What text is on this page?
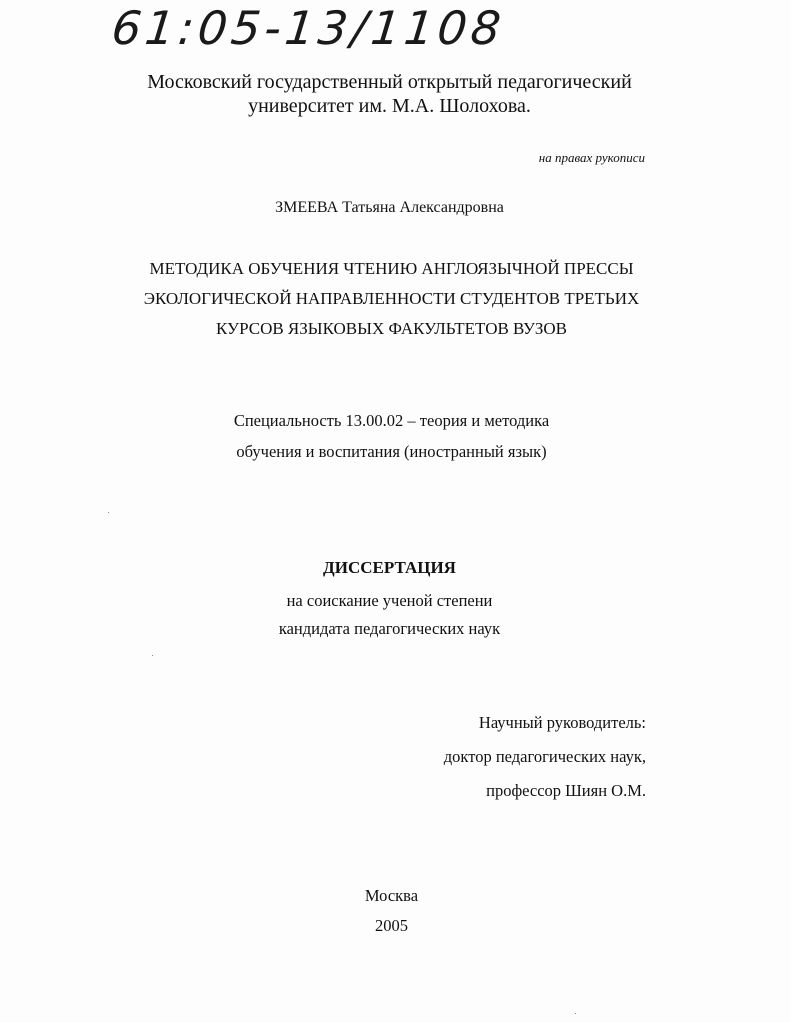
61:05-13/1108
Московский государственный открытый педагогический
университет им. М.А. Шолохова.
на правах рукописи
ЗМЕЕВА Татьяна Александровна
МЕТОДИКА ОБУЧЕНИЯ ЧТЕНИЮ АНГЛОЯЗЫЧНОЙ ПРЕССЫ
ЭКОЛОГИЧЕСКОЙ НАПРАВЛЕННОСТИ СТУДЕНТОВ ТРЕТЬИХ
КУРСОВ ЯЗЫКОВЫХ ФАКУЛЬТЕТОВ ВУЗОВ
Специальность 13.00.02 – теория и методика
обучения и воспитания (иностранный язык)
ДИССЕРТАЦИЯ
на соискание ученой степени
кандидата педагогических наук
Научный руководитель:
доктор педагогических наук,
профессор Шиян О.М.
Москва
2005
